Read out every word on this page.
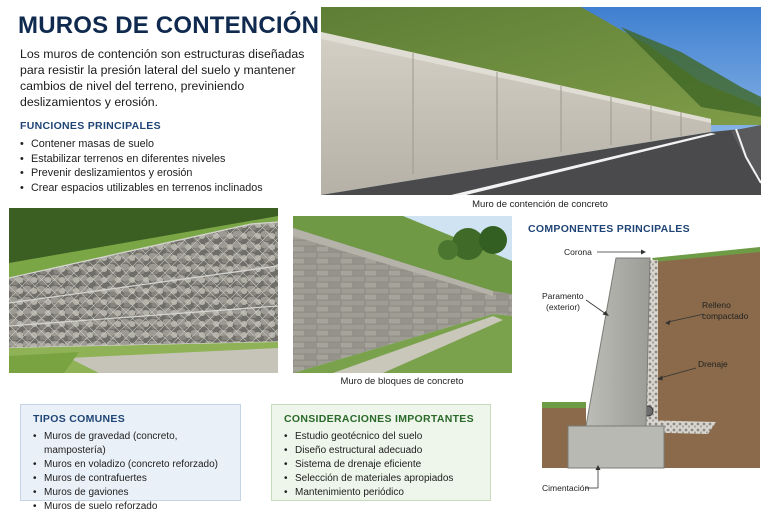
MUROS DE CONTENCIÓN

Los muros de contención son estructuras diseñadas para resistir la presión lateral del suelo y mantener cambios de nivel del terreno, previniendo deslizamientos y erosión.

FUNCIONES PRINCIPALES
• Contener masas de suelo
• Estabilizar terrenos en diferentes niveles
• Prevenir deslizamientos y erosión
• Crear espacios utilizables en terrenos inclinados
Muro de contención de concreto
Muro de bloques de concreto
TIPOS COMUNES
• Muros de gravedad (concreto, mampostería)
• Muros en voladizo (concreto reforzado)
• Muros de contrafuertes
• Muros de gaviones
• Muros de suelo reforzado
CONSIDERACIONES IMPORTANTES
• Estudio geotécnico del suelo
• Diseño estructural adecuado
• Sistema de drenaje eficiente
• Selección de materiales apropiados
• Mantenimiento periódico
COMPONENTES PRINCIPALES
Corona
Paramento
(exterior)	Relleno
compactado
Drenaje
Cimentación
